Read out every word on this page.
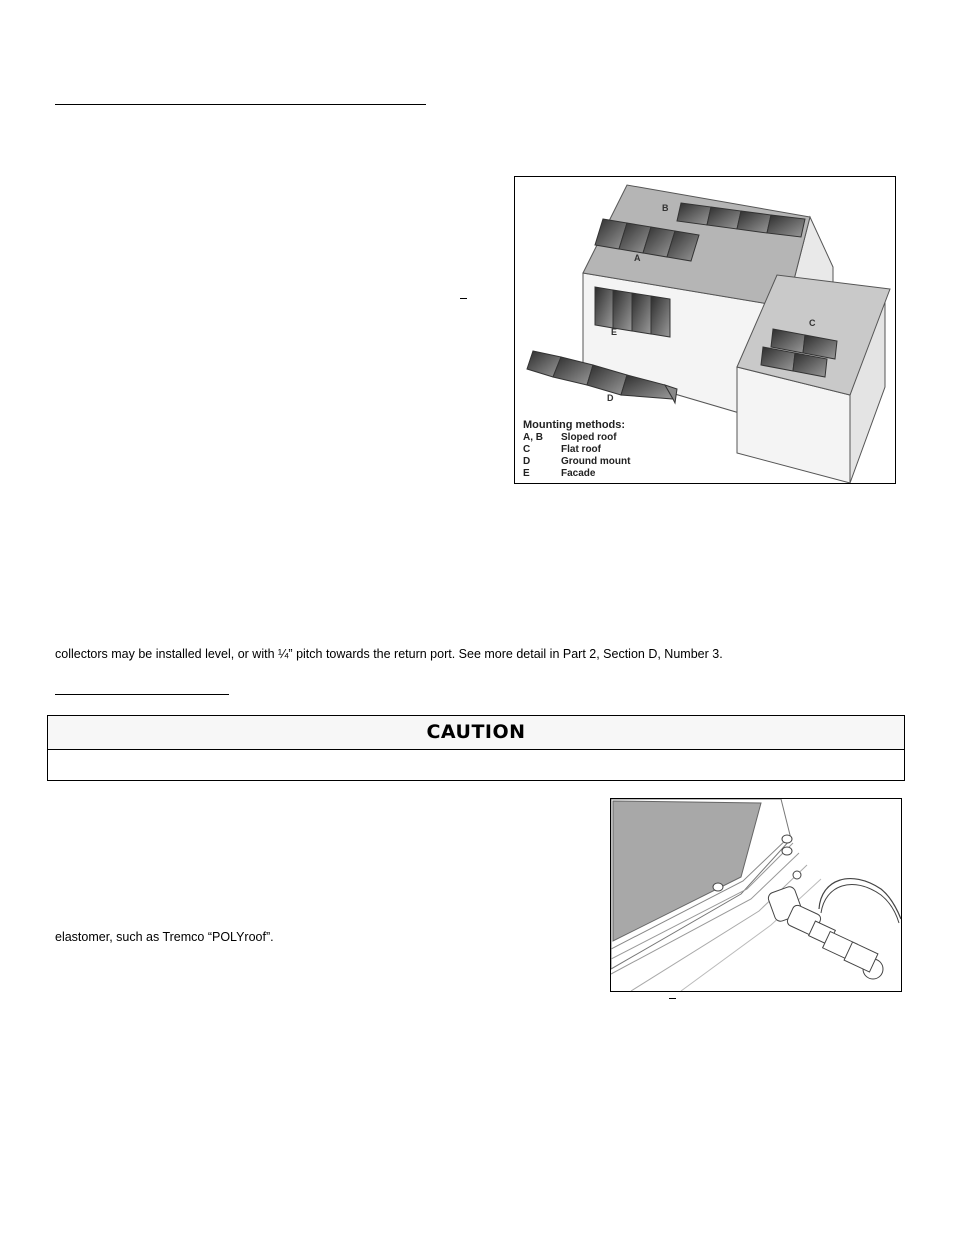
B
A
E
C
D
Mounting methods:
A, B	Sloped roof
C	Flat roof
D	Ground mount
E	Facade
collectors may be installed level, or with ¼” pitch towards the return port. See more detail in Part 2, Section D, Number 3.
CAUTION
elastomer, such as Tremco “POLYroof”.
